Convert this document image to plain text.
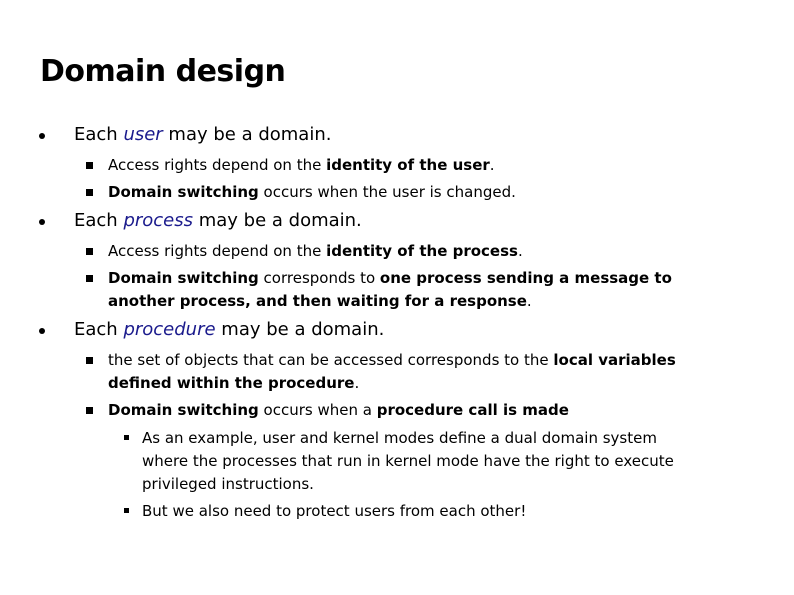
Domain design
Each user may be a domain.
Access rights depend on the identity of the user.
Domain switching occurs when the user is changed.
Each process may be a domain.
Access rights depend on the identity of the process.
Domain switching corresponds to one process sending a message to another process, and then waiting for a response.
Each procedure may be a domain.
the set of objects that can be accessed corresponds to the local variables defined within the procedure.
Domain switching occurs when a procedure call is made
As an example, user and kernel modes define a dual domain system where the processes that run in kernel mode have the right to execute privileged instructions.
But we also need to protect users from each other!
